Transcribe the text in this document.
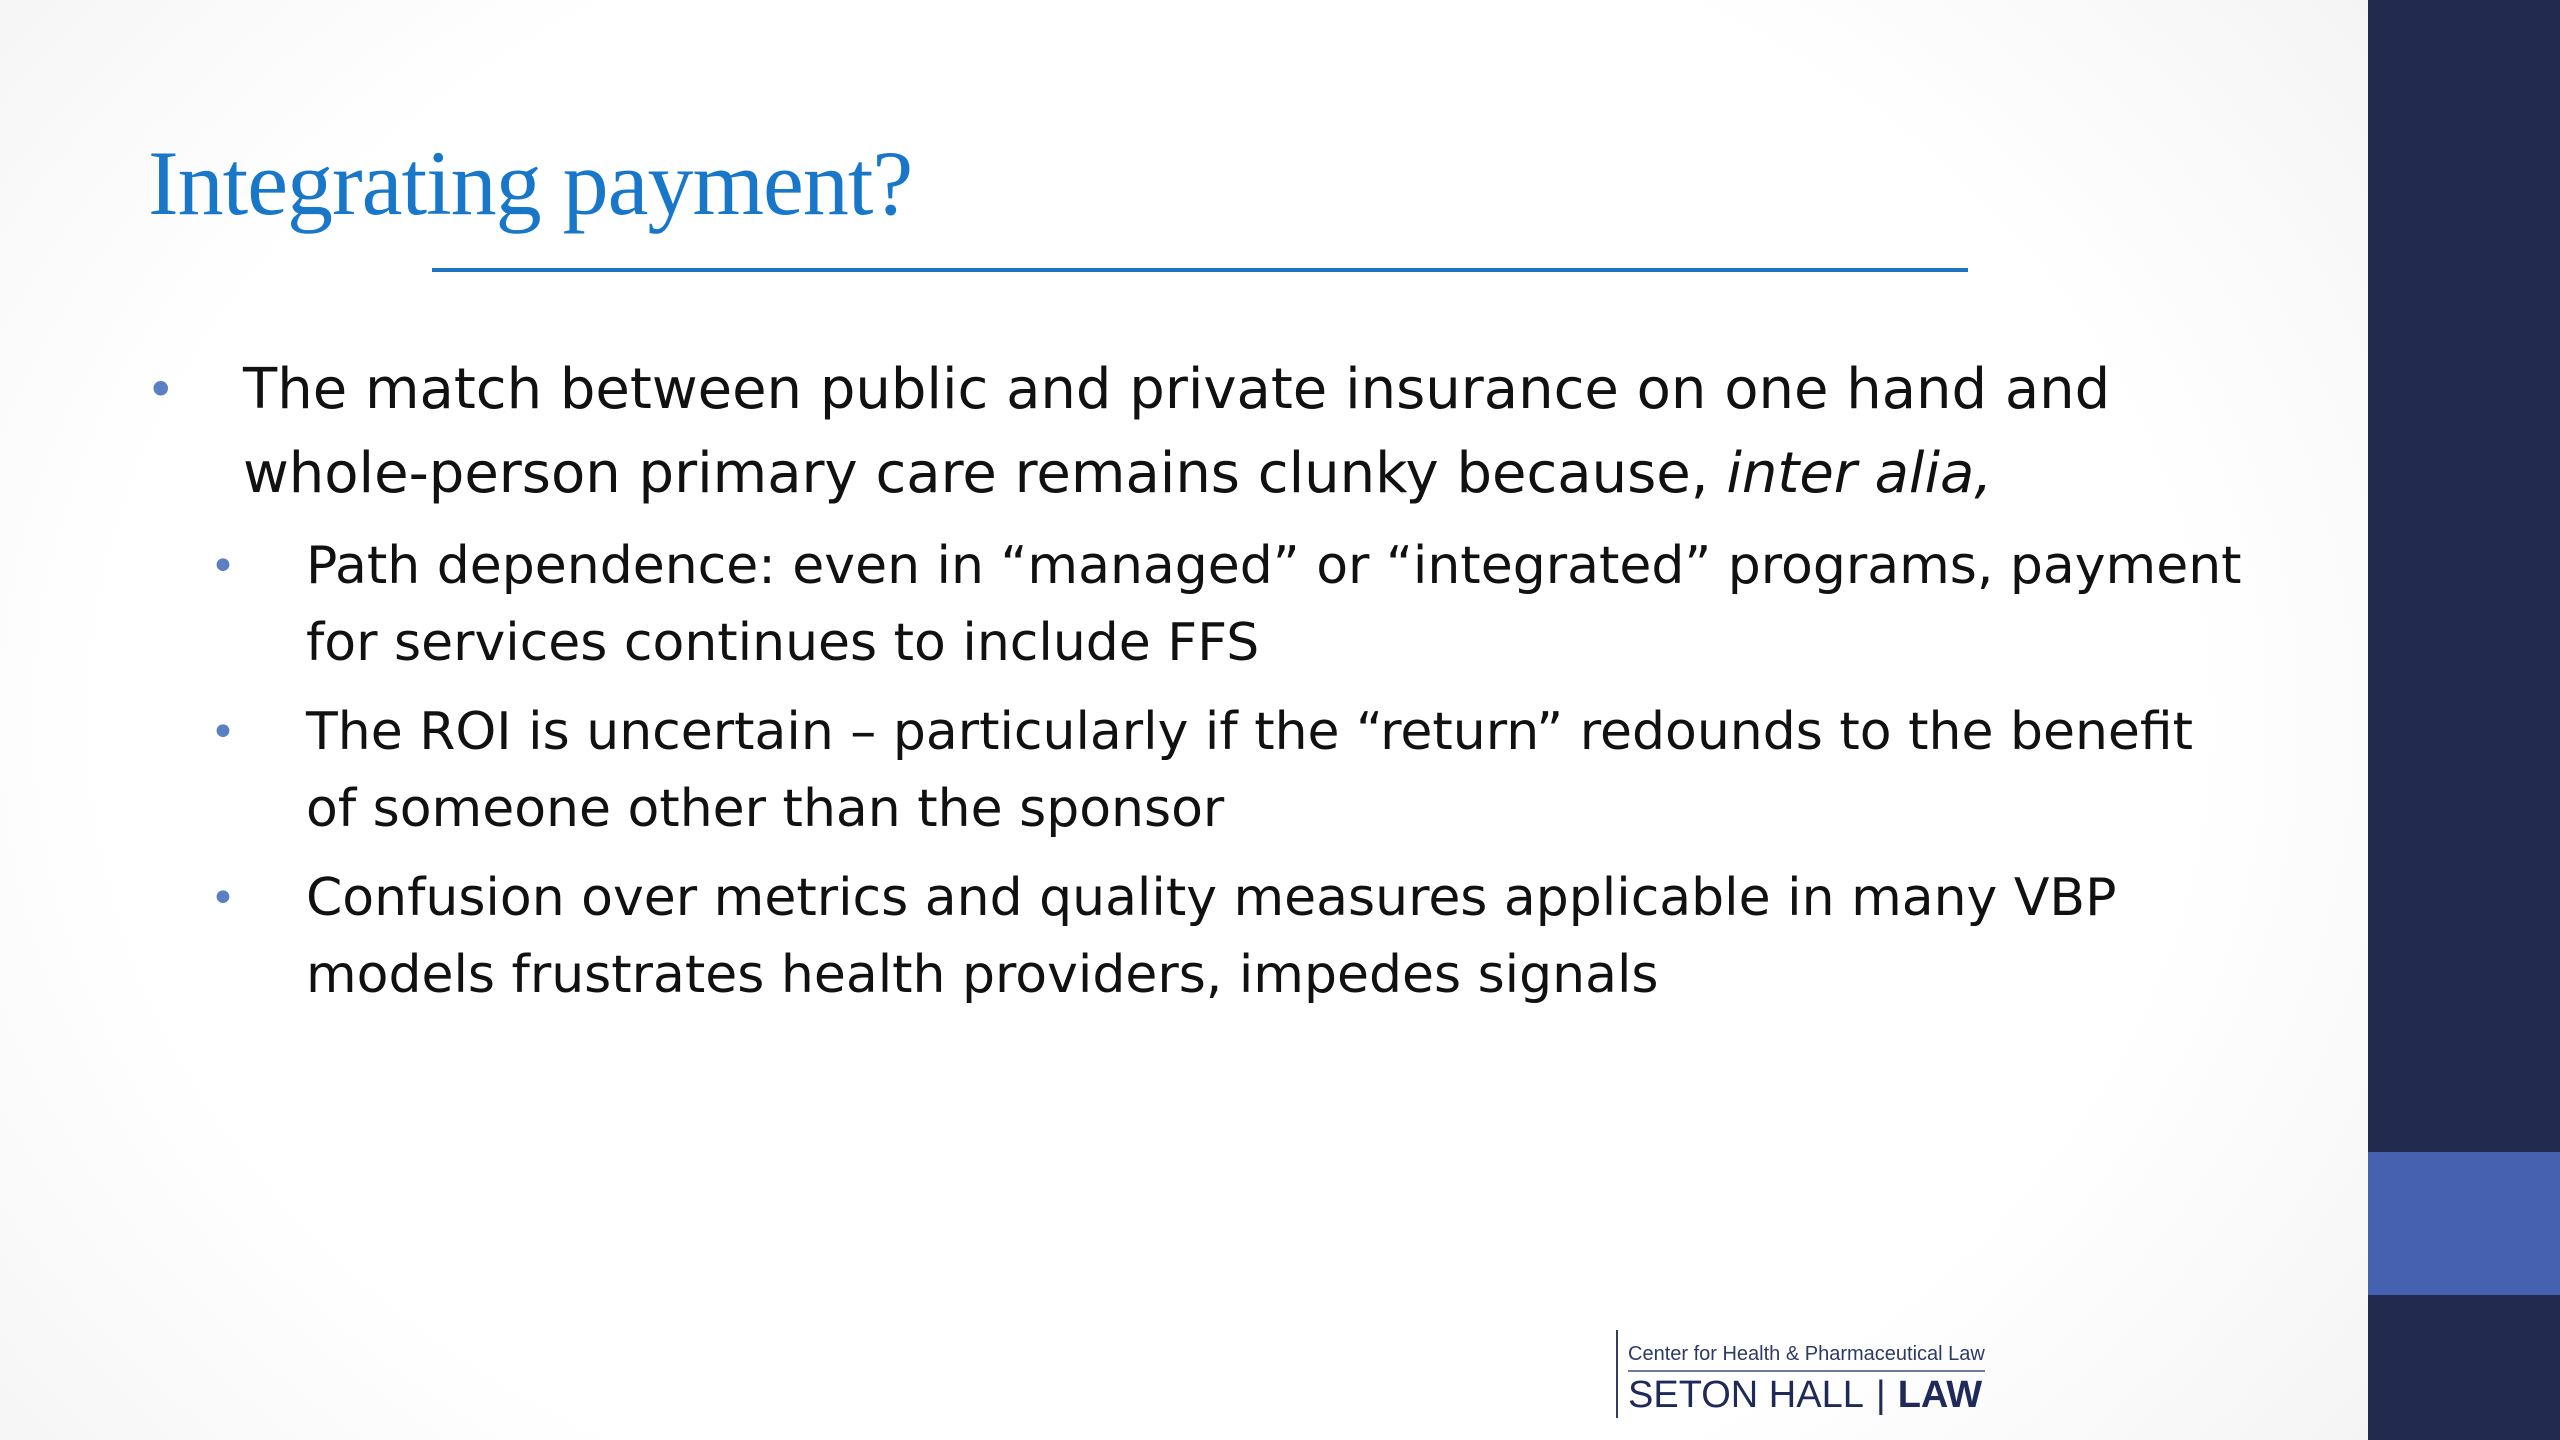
Integrating payment?
• The match between public and private insurance on one hand and whole-person primary care remains clunky because, inter alia,
• Path dependence: even in “managed” or “integrated” programs, payment for services continues to include FFS
• The ROI is uncertain – particularly if the “return” redounds to the benefit of someone other than the sponsor
• Confusion over metrics and quality measures applicable in many VBP models frustrates health providers, impedes signals
Center for Health & Pharmaceutical Law
SETON HALL | LAW
